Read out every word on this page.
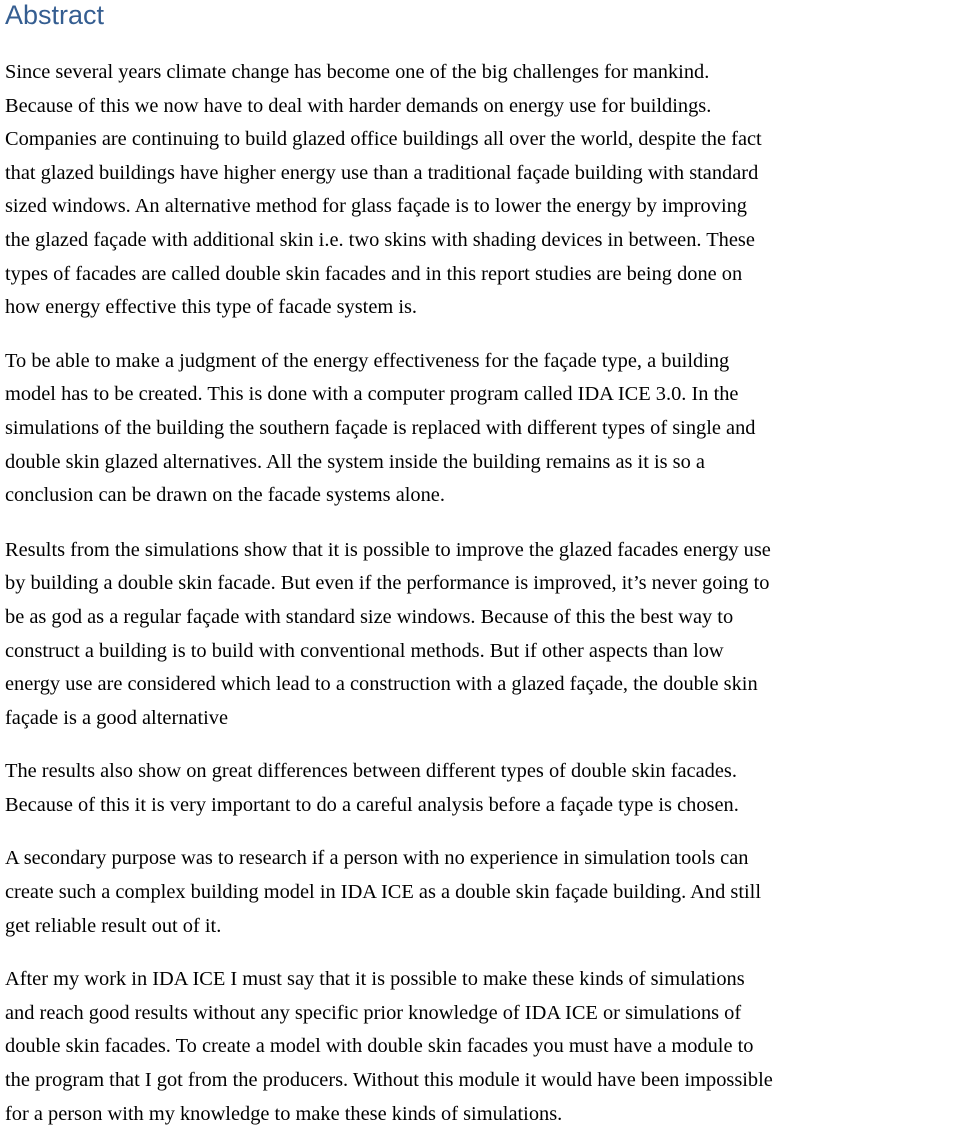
Abstract

Since several years climate change has become one of the big challenges for mankind.
Because of this we now have to deal with harder demands on energy use for buildings.
Companies are continuing to build glazed office buildings all over the world, despite the fact
that glazed buildings have higher energy use than a traditional façade building with standard
sized windows. An alternative method for glass façade is to lower the energy by improving
the glazed façade with additional skin i.e. two skins with shading devices in between. These
types of facades are called double skin facades and in this report studies are being done on
how energy effective this type of facade system is.

To be able to make a judgment of the energy effectiveness for the façade type, a building
model has to be created. This is done with a computer program called IDA ICE 3.0. In the
simulations of the building the southern façade is replaced with different types of single and
double skin glazed alternatives. All the system inside the building remains as it is so a
conclusion can be drawn on the facade systems alone.

Results from the simulations show that it is possible to improve the glazed facades energy use
by building a double skin facade. But even if the performance is improved, it’s never going to
be as god as a regular façade with standard size windows. Because of this the best way to
construct a building is to build with conventional methods. But if other aspects than low
energy use are considered which lead to a construction with a glazed façade, the double skin
façade is a good alternative

The results also show on great differences between different types of double skin facades.
Because of this it is very important to do a careful analysis before a façade type is chosen.

A secondary purpose was to research if a person with no experience in simulation tools can
create such a complex building model in IDA ICE as a double skin façade building. And still
get reliable result out of it.

After my work in IDA ICE I must say that it is possible to make these kinds of simulations
and reach good results without any specific prior knowledge of IDA ICE or simulations of
double skin facades. To create a model with double skin facades you must have a module to
the program that I got from the producers. Without this module it would have been impossible
for a person with my knowledge to make these kinds of simulations.
